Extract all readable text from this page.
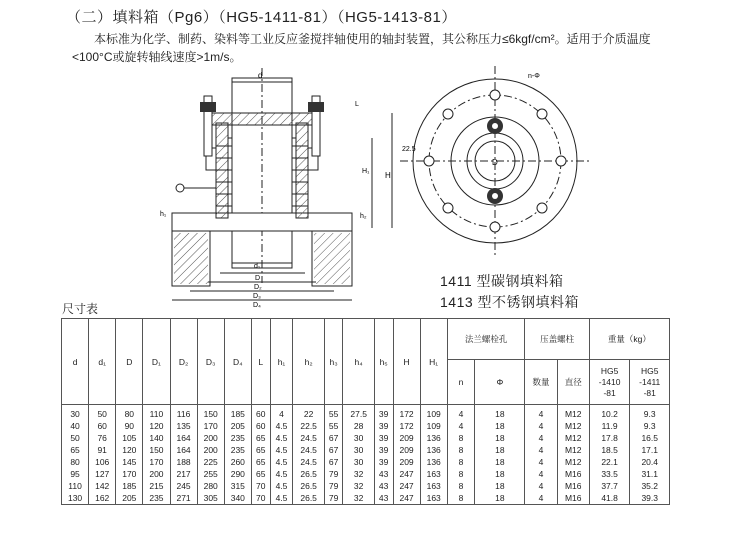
（二）填料箱（Pg6）（HG5-1411-81）（HG5-1413-81）
本标准为化学、制药、染料等工业反应釜搅拌轴使用的轴封装置，其公称压力≤6kgf/cm²。适用于介质温度
<100°C或旋转轴线速度>1m/s。
d
H
H₁
h₂
h₁
L
d₁
D
D₂
D₃
D₄
22.5
n-Φ
D
1411 型碳钢填料箱
1413 型不锈钢填料箱
尺寸表
d	d₁	D	D₁	D₂	D₃	D₄	L	h₁	h₂	h₃	h₄	h₅	H	H₁	法兰螺栓孔		压盖螺柱		重量（kg）	
															n	Φ	数量	直径	HG5
-1410
-81	HG5
-1411
-81
30	50	80	110	116	150	185	60	4	22	55	27.5	39	172	109	4	18	4	M12	10.2	9.3
40	60	90	120	135	170	205	60	4.5	22.5	55	28	39	172	109	4	18	4	M12	11.9	9.3
50	76	105	140	164	200	235	65	4.5	24.5	67	30	39	209	136	8	18	4	M12	17.8	16.5
65	91	120	150	164	200	235	65	4.5	24.5	67	30	39	209	136	8	18	4	M12	18.5	17.1
80	106	145	170	188	225	260	65	4.5	24.5	67	30	39	209	136	8	18	4	M12	22.1	20.4
95	127	170	200	217	255	290	65	4.5	26.5	79	32	43	247	163	8	18	4	M16	33.5	31.1
110	142	185	215	245	280	315	70	4.5	26.5	79	32	43	247	163	8	18	4	M16	37.7	35.2
130	162	205	235	271	305	340	70	4.5	26.5	79	32	43	247	163	8	18	4	M16	41.8	39.3
